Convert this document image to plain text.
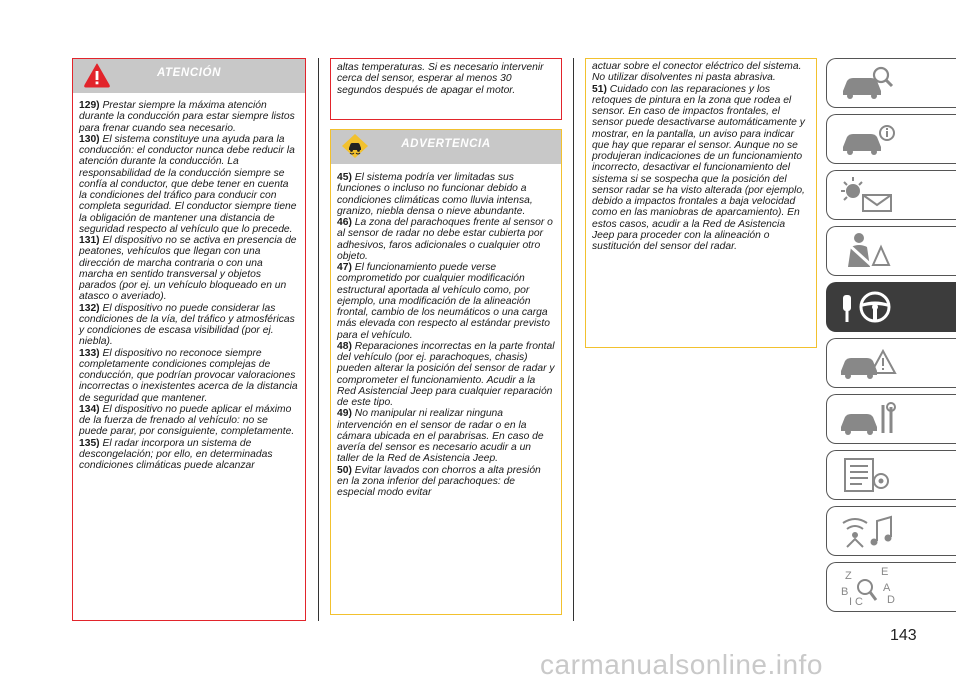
ATENCIÓN

129) Prestar siempre la máxima atención durante la conducción para estar siempre listos para frenar cuando sea necesario.

130) El sistema constituye una ayuda para la conducción: el conductor nunca debe reducir la atención durante la conducción. La responsabilidad de la conducción siempre se confía al conductor, que debe tener en cuenta la condiciones del tráfico para conducir con completa seguridad. El conductor siempre tiene la obligación de mantener una distancia de seguridad respecto al vehículo que lo precede.

131) El dispositivo no se activa en presencia de peatones, vehículos que llegan con una dirección de marcha contraria o con una marcha en sentido transversal y objetos parados (por ej. un vehículo bloqueado en un atasco o averiado).

132) El dispositivo no puede considerar las condiciones de la vía, del tráfico y atmosféricas y condiciones de escasa visibilidad (por ej. niebla).

133) El dispositivo no reconoce siempre completamente condiciones complejas de conducción, que podrían provocar valoraciones incorrectas o inexistentes acerca de la distancia de seguridad que mantener.

134) El dispositivo no puede aplicar el máximo de la fuerza de frenado al vehículo: no se puede parar, por consiguiente, completamente.

135) El radar incorpora un sistema de descongelación; por ello, en determinadas condiciones climáticas puede alcanzar

altas temperaturas. Si es necesario intervenir cerca del sensor, esperar al menos 30 segundos después de apagar el motor.

ADVERTENCIA

45) El sistema podría ver limitadas sus funciones o incluso no funcionar debido a condiciones climáticas como lluvia intensa, granizo, niebla densa o nieve abundante.

46) La zona del parachoques frente al sensor o al sensor de radar no debe estar cubierta por adhesivos, faros adicionales o cualquier otro objeto.

47) El funcionamiento puede verse comprometido por cualquier modificación estructural aportada al vehículo como, por ejemplo, una modificación de la alineación frontal, cambio de los neumáticos o una carga más elevada con respecto al estándar previsto para el vehículo.

48) Reparaciones incorrectas en la parte frontal del vehículo (por ej. parachoques, chasis) pueden alterar la posición del sensor de radar y comprometer el funcionamiento. Acudir a la Red Asistencial Jeep para cualquier reparación de este tipo.

49) No manipular ni realizar ninguna intervención en el sensor de radar o en la cámara ubicada en el parabrisas. En caso de avería del sensor es necesario acudir a un taller de la Red de Asistencia Jeep.

50) Evitar lavados con chorros a alta presión en la zona inferior del parachoques: de especial modo evitar

actuar sobre el conector eléctrico del sistema. No utilizar disolventes ni pasta abrasiva.

51) Cuidado con las reparaciones y los retoques de pintura en la zona que rodea el sensor. En caso de impactos frontales, el sensor puede desactivarse automáticamente y mostrar, en la pantalla, un aviso para indicar que hay que reparar el sensor. Aunque no se produjeran indicaciones de un funcionamiento incorrecto, desactivar el funcionamiento del sistema si se sospecha que la posición del sensor radar se ha visto alterada (por ejemplo, debido a impactos frontales a baja velocidad como en las maniobras de aparcamiento). En estos casos, acudir a la Red de Asistencia Jeep para proceder con la alineación o sustitución del sensor del radar.

Z	E
B	A
I C D
143
carmanualsonline.info
